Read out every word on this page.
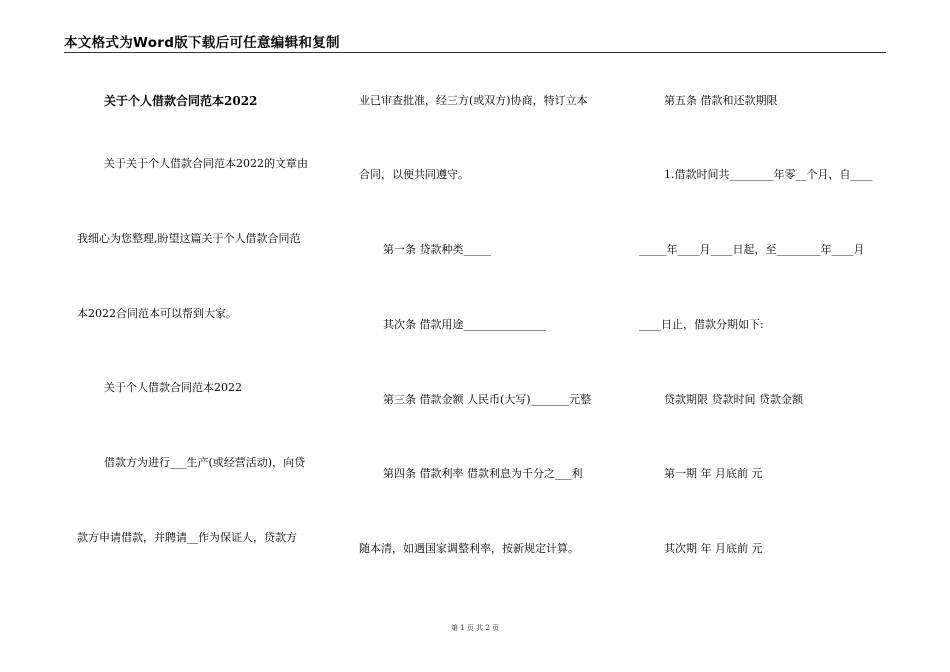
本文格式为Word版下载后可任意编辑和复制
关于个人借款合同范本2022
关于关于个人借款合同范本2022的文章由
我细心为您整理,盼望这篇关于个人借款合同范
本2022合同范本可以帮到大家。
关于个人借款合同范本2022
借款方为进行___生产(或经营活动)，向贷
款方申请借款，并聘请__作为保证人，贷款方
业已审查批准，经三方(或双方)协商，特订立本
合同，以便共同遵守。
第一条 贷款种类_____
其次条 借款用途_______________
第三条 借款金额 人民币(大写)_______元整
第四条 借款利率 借款利息为千分之___利
随本清，如遇国家调整利率，按新规定计算。
第五条 借款和还款期限
1.借款时间共________年零__个月，自____
_____年____月____日起，至________年____月
____日止，借款分期如下:
贷款期限 贷款时间 贷款金额
第一期 年 月底前 元
其次期 年 月底前 元
第 1 页 共 2 页
